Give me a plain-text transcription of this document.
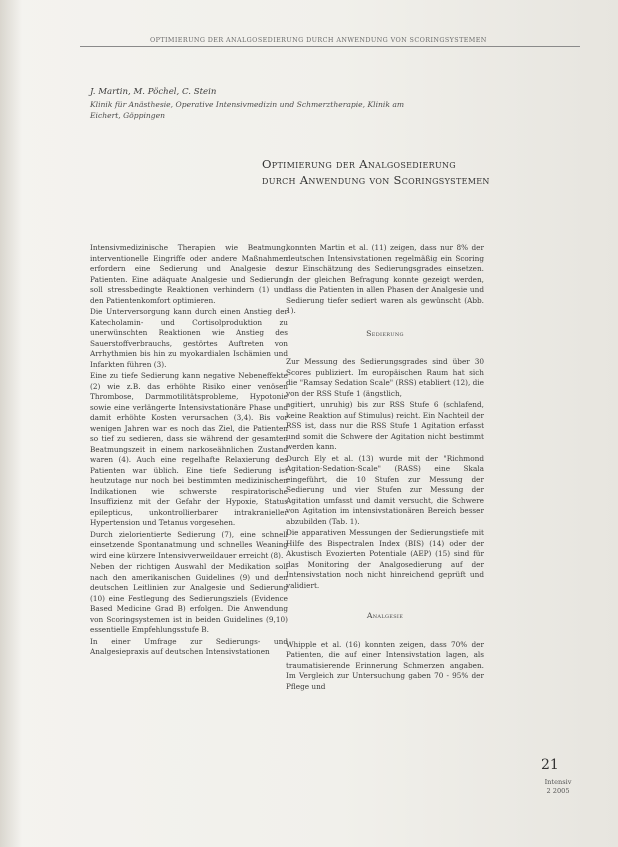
OPTIMIERUNG DER ANALGOSEDIERUNG DURCH ANWENDUNG VON SCORINGSYSTEMEN
J. Martin, M. Pöchel, C. Stein
Klinik für Anästhesie, Operative Intensivmedizin und Schmerztherapie, Klinik am Eichert, Göppingen
Optimierung der Analgosedierung
durch Anwendung von Scoringsystemen

Intensivmedizinische Therapien wie Beatmung, interventionelle Eingriffe oder andere Maßnahmen erfordern eine Sedierung und Analgesie des Patienten. Eine adäquate Analgesie und Sedierung soll stressbedingte Reaktionen verhindern (1) und den Patientenkomfort optimieren.

Die Unterversorgung kann durch einen Anstieg der Katecholamin- und Cortisolproduktion zu unerwünschten Reaktionen wie Anstieg des Sauerstoffverbrauchs, gestörtes Auftreten von Arrhythmien bis hin zu myokardialen Ischämien und Infarkten führen (3).

Eine zu tiefe Sedierung kann negative Nebeneffekte (2) wie z.B. das erhöhte Risiko einer venösen Thrombose, Darmmotilitätsprobleme, Hypotonie sowie eine verlängerte Intensivstationäre Phase und damit erhöhte Kosten verursachen (3,4). Bis vor wenigen Jahren war es noch das Ziel, die Patienten so tief zu sedieren, dass sie während der gesamten Beatmungszeit in einem narkoseähnlichen Zustand waren (4). Auch eine regelhafte Relaxierung des Patienten war üblich. Eine tiefe Sedierung ist heutzutage nur noch bei bestimmten medizinischen Indikationen wie schwerste respiratorische Insuffizienz mit der Gefahr der Hypoxie, Status epilepticus, unkontrollierbarer intrakranieller Hypertension und Tetanus vorgesehen.

Durch zielorientierte Sedierung (7), eine schnell einsetzende Spontanatmung und schnelles Weaning wird eine kürzere Intensivverweildauer erreicht (8).

Neben der richtigen Auswahl der Medikation soll nach den amerikanischen Guidelines (9) und den deutschen Leitlinien zur Analgesie und Sedierung (10) eine Festlegung des Sedierungsziels (Evidence Based Medicine Grad B) erfolgen. Die Anwendung von Scoringsystemen ist in beiden Guidelines (9,10) essentielle Empfehlungsstufe B.

In einer Umfrage zur Sedierungs- und Analgesiepraxis auf deutschen Intensivstationen

konnten Martin et al. (11) zeigen, dass nur 8% der deutschen Intensivstationen regelmäßig ein Scoring zur Einschätzung des Sedierungsgrades einsetzen. In der gleichen Befragung konnte gezeigt werden, dass die Patienten in allen Phasen der Analgesie und Sedierung tiefer sediert waren als gewünscht (Abb. 1).

Sedierung

Zur Messung des Sedierungsgrades sind über 30 Scores publiziert. Im europäischen Raum hat sich die "Ramsay Sedation Scale" (RSS) etabliert (12), die von der RSS Stufe 1 (ängstlich,

agitiert, unruhig) bis zur RSS Stufe 6 (schlafend, keine Reaktion auf Stimulus) reicht. Ein Nachteil der RSS ist, dass nur die RSS Stufe 1 Agitation erfasst und somit die Schwere der Agitation nicht bestimmt werden kann.

Durch Ely et al. (13) wurde mit der "Richmond Agitation-Sedation-Scale" (RASS) eine Skala eingeführt, die 10 Stufen zur Messung der Sedierung und vier Stufen zur Messung der Agitation umfasst und damit versucht, die Schwere von Agitation im intensivstationären Bereich besser abzubilden (Tab. 1).

Die apparativen Messungen der Sedierungstiefe mit Hilfe des Bispectralen Index (BIS) (14) oder der Akustisch Evozierten Potentiale (AEP) (15) sind für das Monitoring der Analgosedierung auf der Intensivstation noch nicht hinreichend geprüft und validiert.

Analgesie

Whipple et al. (16) konnten zeigen, dass 70% der Patienten, die auf einer Intensivstation lagen, als traumatisierende Erinnerung Schmerzen angaben. Im Vergleich zur Untersuchung gaben 70 - 95% der Pflege und

21
Intensiv
2 2005
